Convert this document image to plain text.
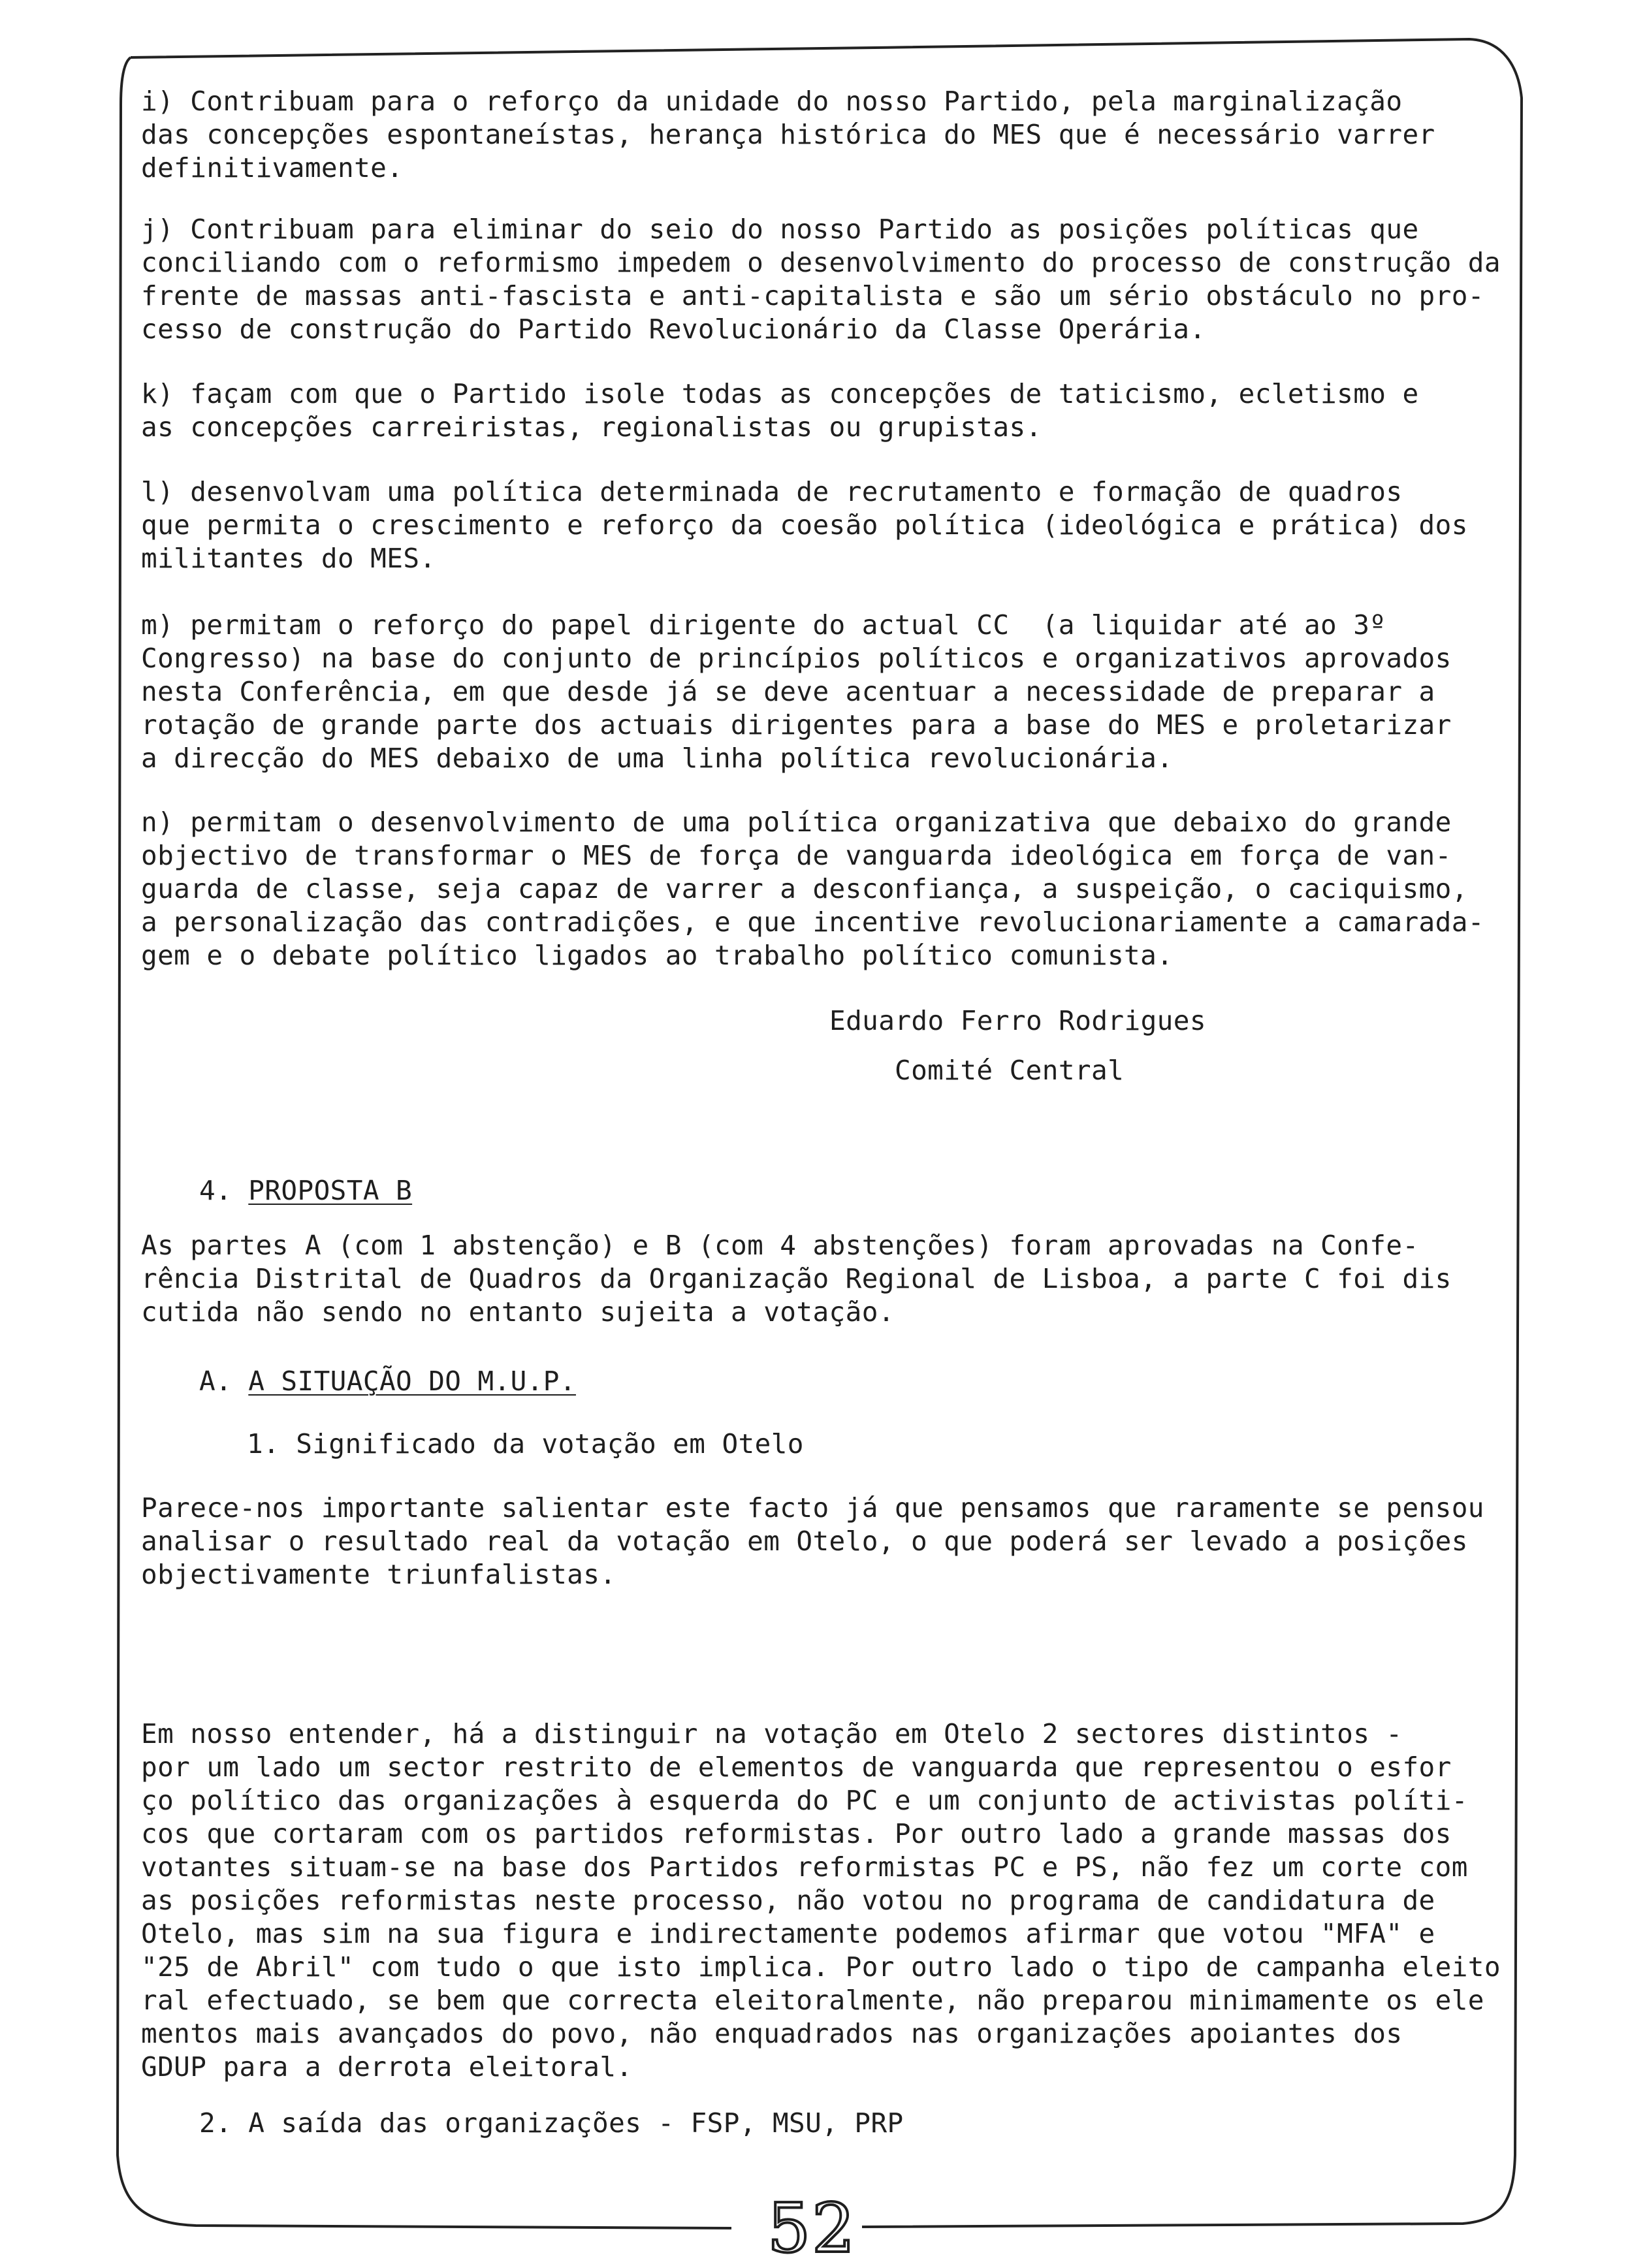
i) Contribuam para o reforço da unidade do nosso Partido, pela marginalização
das concepções espontaneístas, herança histórica do MES que é necessário varrer
definitivamente.

j) Contribuam para eliminar do seio do nosso Partido as posições políticas que
conciliando com o reformismo impedem o desenvolvimento do processo de construção da
frente de massas anti-fascista e anti-capitalista e são um sério obstáculo no pro-
cesso de construção do Partido Revolucionário da Classe Operária.

k) façam com que o Partido isole todas as concepções de taticismo, ecletismo e
as concepções carreiristas, regionalistas ou grupistas.

l) desenvolvam uma política determinada de recrutamento e formação de quadros
que permita o crescimento e reforço da coesão política (ideológica e prática) dos
militantes do MES.

m) permitam o reforço do papel dirigente do actual CC  (a liquidar até ao 3º
Congresso) na base do conjunto de princípios políticos e organizativos aprovados
nesta Conferência, em que desde já se deve acentuar a necessidade de preparar a
rotação de grande parte dos actuais dirigentes para a base do MES e proletarizar
a direcção do MES debaixo de uma linha política revolucionária.

n) permitam o desenvolvimento de uma política organizativa que debaixo do grande
objectivo de transformar o MES de força de vanguarda ideológica em força de van-
guarda de classe, seja capaz de varrer a desconfiança, a suspeição, o caciquismo,
a personalização das contradições, e que incentive revolucionariamente a camarada-
gem e o debate político ligados ao trabalho político comunista.

Eduardo Ferro Rodrigues

Comité Central

4. PROPOSTA B

As partes A (com 1 abstenção) e B (com 4 abstenções) foram aprovadas na Confe-
rência Distrital de Quadros da Organização Regional de Lisboa, a parte C foi dis
cutida não sendo no entanto sujeita a votação.

A. A SITUAÇÃO DO M.U.P.

1. Significado da votação em Otelo

Parece-nos importante salientar este facto já que pensamos que raramente se pensou
analisar o resultado real da votação em Otelo, o que poderá ser levado a posições
objectivamente triunfalistas.

Em nosso entender, há a distinguir na votação em Otelo 2 sectores distintos -
por um lado um sector restrito de elementos de vanguarda que representou o esfor
ço político das organizações à esquerda do PC e um conjunto de activistas políti-
cos que cortaram com os partidos reformistas. Por outro lado a grande massas dos
votantes situam-se na base dos Partidos reformistas PC e PS, não fez um corte com
as posições reformistas neste processo, não votou no programa de candidatura de
Otelo, mas sim na sua figura e indirectamente podemos afirmar que votou "MFA" e
"25 de Abril" com tudo o que isto implica. Por outro lado o tipo de campanha eleito
ral efectuado, se bem que correcta eleitoralmente, não preparou minimamente os ele
mentos mais avançados do povo, não enquadrados nas organizações apoiantes dos
GDUP para a derrota eleitoral.

2. A saída das organizações - FSP, MSU, PRP

52
